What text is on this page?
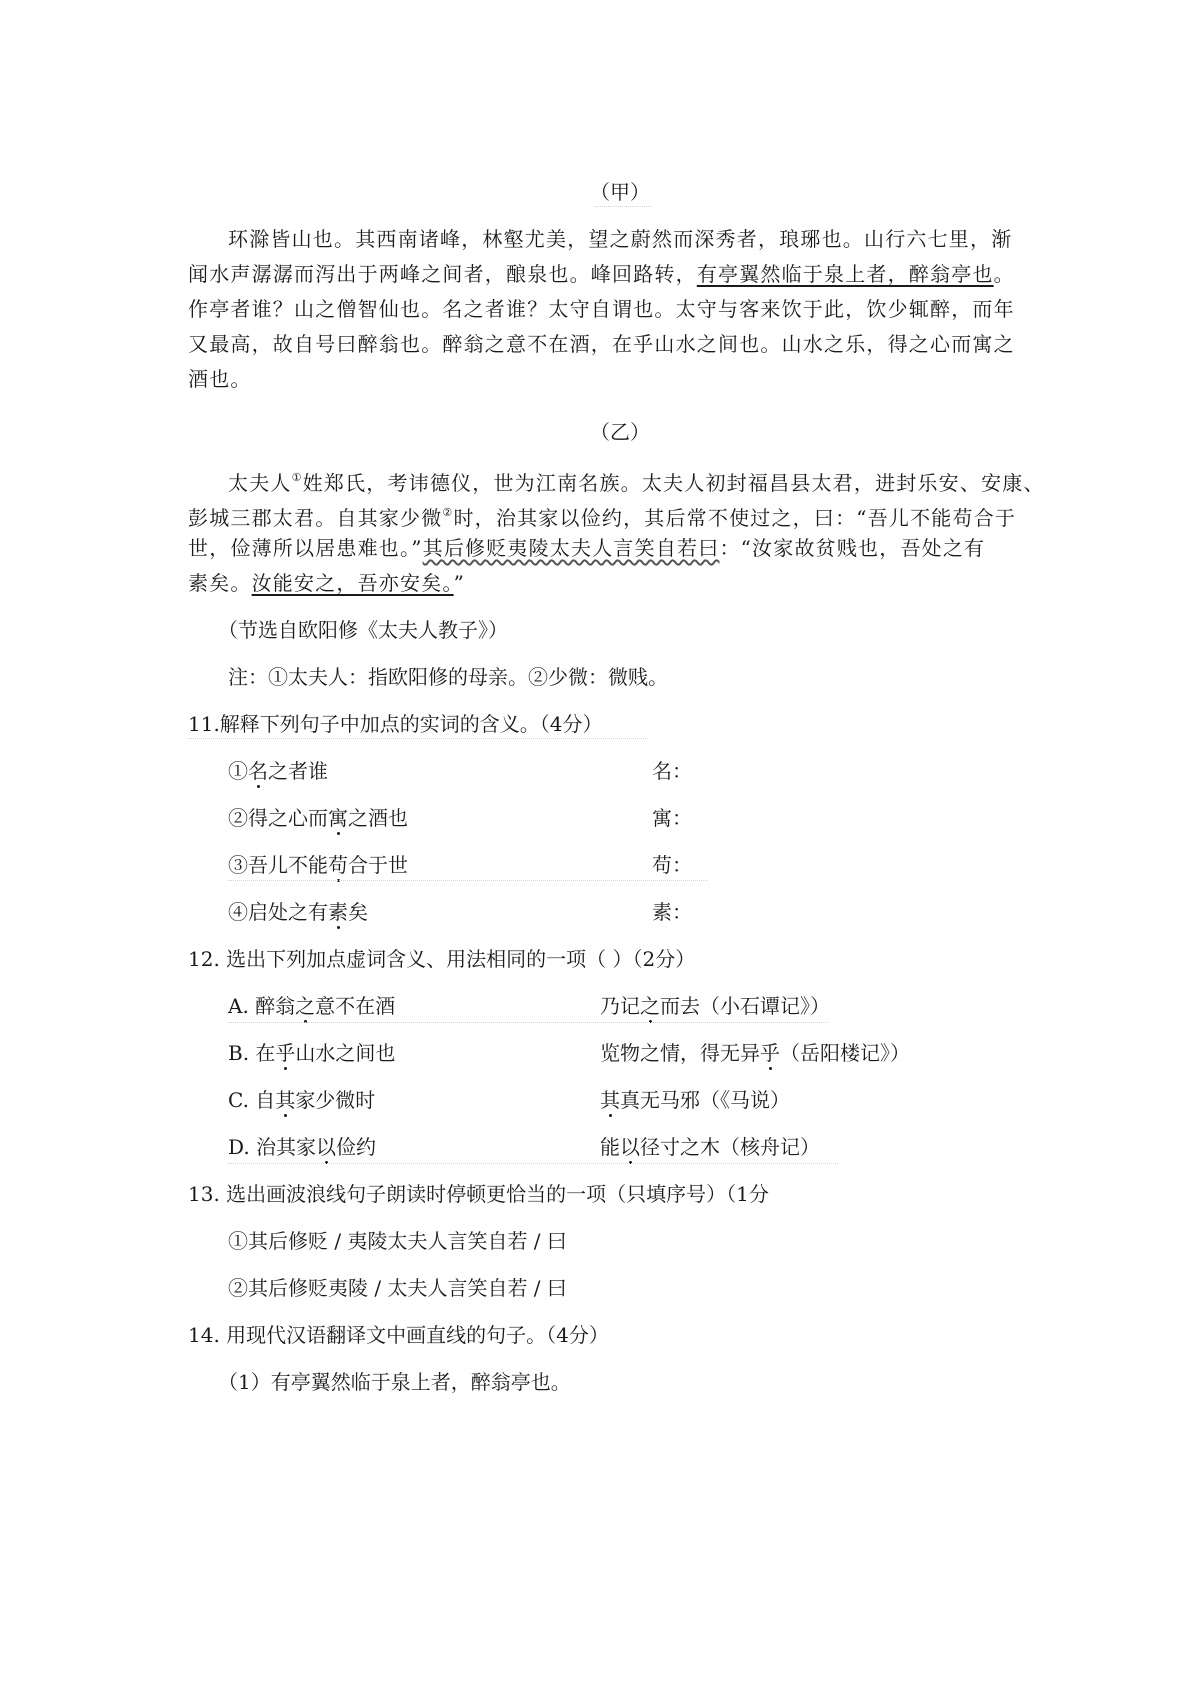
（甲）
环滁皆山也。其西南诸峰，林壑尤美，望之蔚然而深秀者，琅琊也。山行六七里，渐
闻水声潺潺而泻出于两峰之间者，酿泉也。峰回路转，有亭翼然临于泉上者，醉翁亭也。
作亭者谁？山之僧智仙也。名之者谁？太守自谓也。太守与客来饮于此，饮少辄醉，而年
又最高，故自号曰醉翁也。醉翁之意不在酒，在乎山水之间也。山水之乐，得之心而寓之
酒也。
（乙）
太夫人①姓郑氏，考讳德仪，世为江南名族。太夫人初封福昌县太君，进封乐安、安康、
彭城三郡太君。自其家少微②时，治其家以俭约，其后常不使过之，曰：“吾儿不能苟合于
世，俭薄所以居患难也。”其后修贬夷陵太夫人言笑自若曰：“汝家故贫贱也，吾处之有
素矣。汝能安之，吾亦安矣。”
（节选自欧阳修《太夫人教子》）
注：①太夫人：指欧阳修的母亲。②少微：微贱。
11.解释下列句子中加点的实词的含义。（4分）
①名之者谁	名：
②得之心而寓之酒也	寓：
③吾儿不能苟合于世	苟：
④启处之有素矣	素：
12. 选出下列加点虚词含义、用法相同的一项（ ）（2分）
A. 醉翁之意不在酒	乃记之而去（小石谭记》）
B. 在乎山水之间也	览物之情，得无异乎（岳阳楼记》）
C. 自其家少微时	其真无马邪（《马说）
D. 治其家以俭约	能以径寸之木（核舟记）
13. 选出画波浪线句子朗读时停顿更恰当的一项（只填序号）（1分
①其后修贬 / 夷陵太夫人言笑自若 / 曰
②其后修贬夷陵 / 太夫人言笑自若 / 曰
14. 用现代汉语翻译文中画直线的句子。（4分）
（1）有亭翼然临于泉上者，醉翁亭也。
